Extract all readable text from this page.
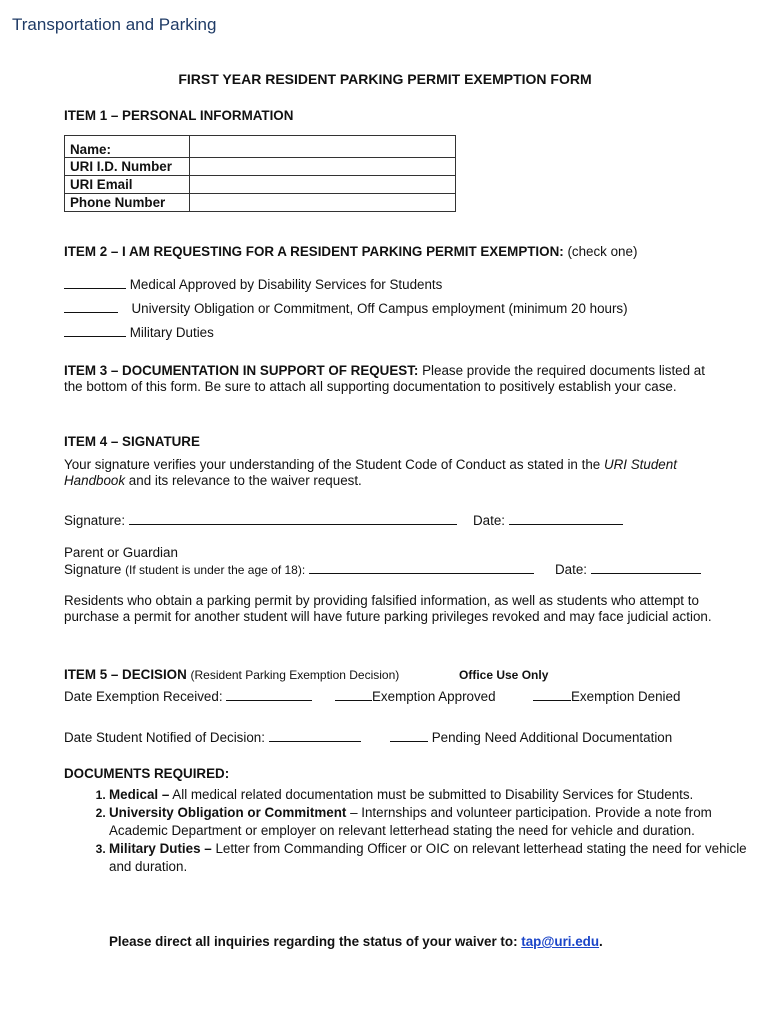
Transportation and Parking
FIRST YEAR RESIDENT PARKING PERMIT EXEMPTION FORM
ITEM 1 – PERSONAL INFORMATION
Name:	
URI I.D. Number	
URI Email	
Phone Number	
ITEM 2 – I AM REQUESTING FOR A RESIDENT PARKING PERMIT EXEMPTION: (check one)
Medical Approved by Disability Services for Students
University Obligation or Commitment, Off Campus employment (minimum 20 hours)
Military Duties
ITEM 3 – DOCUMENTATION IN SUPPORT OF REQUEST: Please provide the required documents listed at the bottom of this form. Be sure to attach all supporting documentation to positively establish your case.
ITEM 4 – SIGNATURE
Your signature verifies your understanding of the Student Code of Conduct as stated in the URI Student Handbook and its relevance to the waiver request.
Signature:	Date:
Parent or Guardian
Signature (If student is under the age of 18):	Date:
Residents who obtain a parking permit by providing falsified information, as well as students who attempt to purchase a permit for another student will have future parking privileges revoked and may face judicial action.
ITEM 5 – DECISION (Resident Parking Exemption Decision)	Office Use Only
Date Exemption Received:	Exemption Approved	Exemption Denied
Date Student Notified of Decision:	Pending Need Additional Documentation
DOCUMENTS REQUIRED:
1. Medical – All medical related documentation must be submitted to Disability Services for Students.
2. University Obligation or Commitment – Internships and volunteer participation. Provide a note from Academic Department or employer on relevant letterhead stating the need for vehicle and duration.
3. Military Duties – Letter from Commanding Officer or OIC on relevant letterhead stating the need for vehicle and duration.
Please direct all inquiries regarding the status of your waiver to: tap@uri.edu.
